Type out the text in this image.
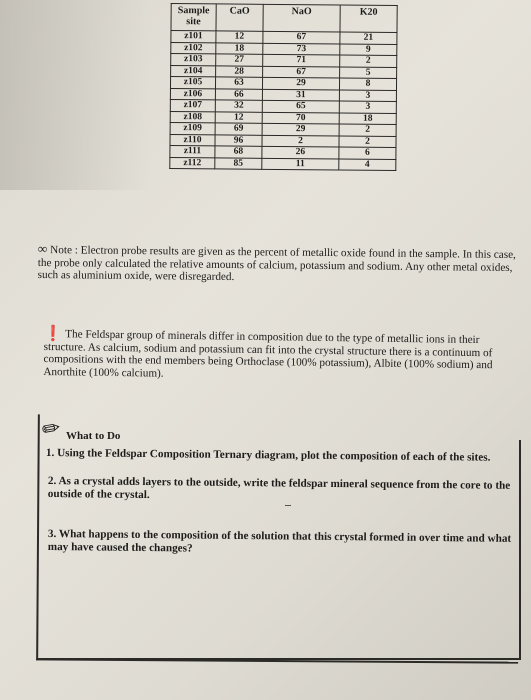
Sample site	CaO	NaO	K20
z101	12	67	21
z102	18	73	9
z103	27	71	2
z104	28	67	5
z105	63	29	8
z106	66	31	3
z107	32	65	3
z108	12	70	18
z109	69	29	2
z110	96	2	2
z111	68	26	6
z112	85	11	4
∞ Note : Electron probe results are given as the percent of metallic oxide found in the sample. In this case, the probe only calculated the relative amounts of calcium, potassium and sodium. Any other metal oxides, such as aluminium oxide, were disregarded.
❗ The Feldspar group of minerals differ in composition due to the type of metallic ions in their structure. As calcium, sodium and potassium can fit into the crystal structure there is a continuum of compositions with the end members being Orthoclase (100% potassium), Albite (100% sodium) and Anorthite (100% calcium).
✏ What to Do
1. Using the Feldspar Composition Ternary diagram, plot the composition of each of the sites.
2. As a crystal adds layers to the outside, write the feldspar mineral sequence from the core to the outside of the crystal.
3. What happens to the composition of the solution that this crystal formed in over time and what may have caused the changes?
